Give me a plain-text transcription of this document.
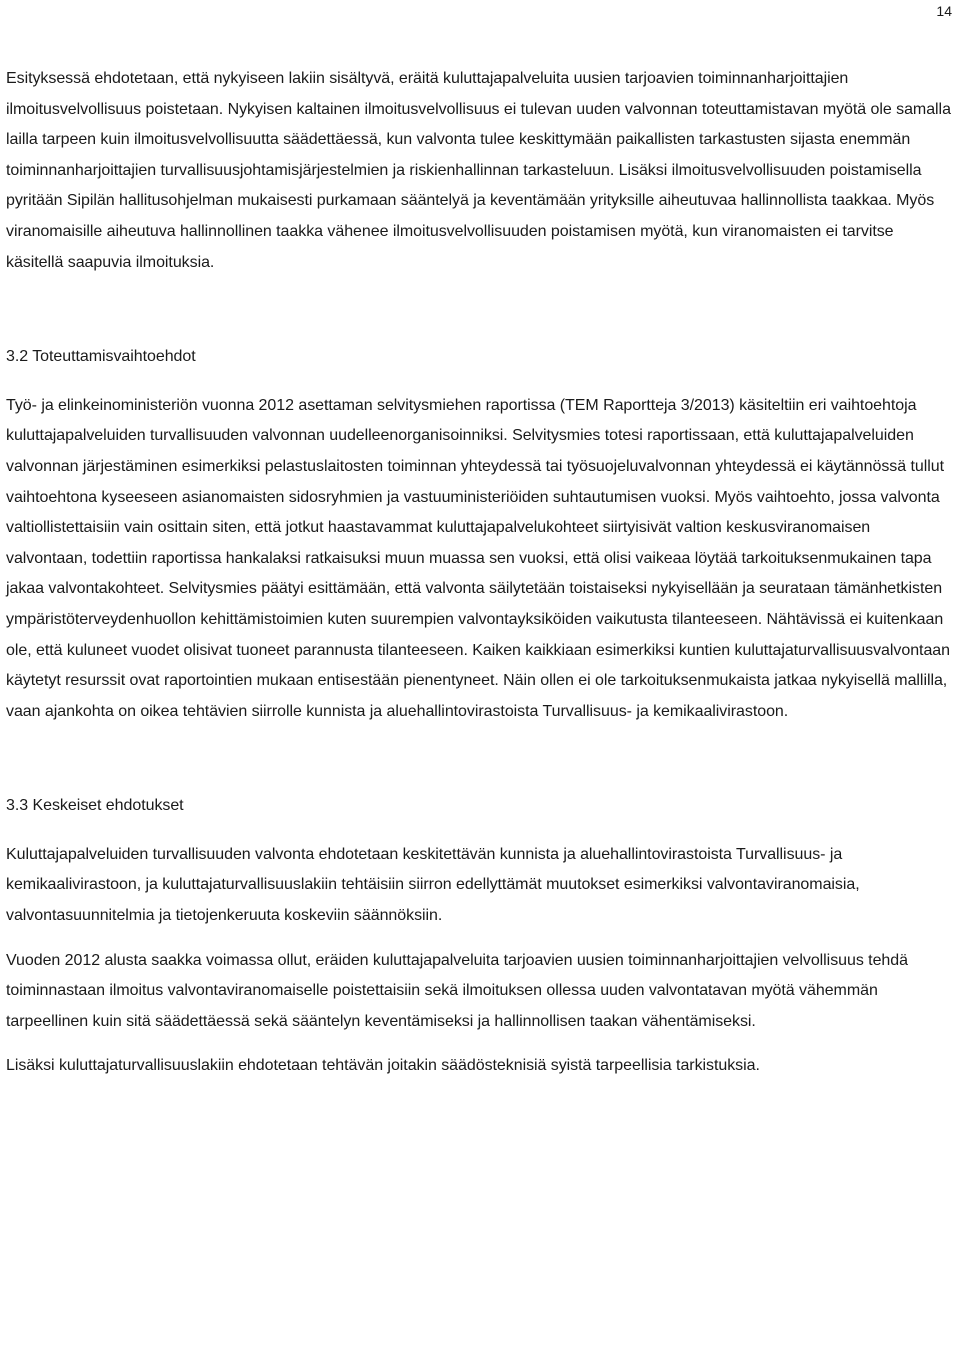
14

Esityksessä ehdotetaan, että nykyiseen lakiin sisältyvä, eräitä kuluttajapalveluita uusien tarjoavien toiminnanharjoittajien ilmoitusvelvollisuus poistetaan. Nykyisen kaltainen ilmoitusvelvollisuus ei tulevan uuden valvonnan toteuttamistavan myötä ole samalla lailla tarpeen kuin ilmoitusvelvollisuutta säädettäessä, kun valvonta tulee keskittymään paikallisten tarkastusten sijasta enemmän toiminnanharjoittajien turvallisuusjohtamisjärjestelmien ja riskienhallinnan tarkasteluun. Lisäksi ilmoitusvelvollisuuden poistamisella pyritään Sipilän hallitusohjelman mukaisesti purkamaan sääntelyä ja keventämään yrityksille aiheutuvaa hallinnollista taakkaa. Myös viranomaisille aiheutuva hallinnollinen taakka vähenee ilmoitusvelvollisuuden poistamisen myötä, kun viranomaisten ei tarvitse käsitellä saapuvia ilmoituksia.

3.2 Toteuttamisvaihtoehdot

Työ- ja elinkeinoministeriön vuonna 2012 asettaman selvitysmiehen raportissa (TEM Raportteja 3/2013) käsiteltiin eri vaihtoehtoja kuluttajapalveluiden turvallisuuden valvonnan uudelleenorganisoinniksi. Selvitysmies totesi raportissaan, että kuluttajapalveluiden valvonnan järjestäminen esimerkiksi pelastuslaitosten toiminnan yhteydessä tai työsuojeluvalvonnan yhteydessä ei käytännössä tullut vaihtoehtona kyseeseen asianomaisten sidosryhmien ja vastuuministeriöiden suhtautumisen vuoksi. Myös vaihtoehto, jossa valvonta valtiollistettaisiin vain osittain siten, että jotkut haastavammat kuluttajapalvelukohteet siirtyisivät valtion keskusviranomaisen valvontaan, todettiin raportissa hankalaksi ratkaisuksi muun muassa sen vuoksi, että olisi vaikeaa löytää tarkoituksenmukainen tapa jakaa valvontakohteet. Selvitysmies päätyi esittämään, että valvonta säilytetään toistaiseksi nykyisellään ja seurataan tämänhetkisten ympäristöterveydenhuollon kehittämistoimien kuten suurempien valvontayksiköiden vaikutusta tilanteeseen. Nähtävissä ei kuitenkaan ole, että kuluneet vuodet olisivat tuoneet parannusta tilanteeseen. Kaiken kaikkiaan esimerkiksi kuntien kuluttajaturvallisuusvalvontaan käytetyt resurssit ovat raportointien mukaan entisestään pienentyneet. Näin ollen ei ole tarkoituksenmukaista jatkaa nykyisellä mallilla, vaan ajankohta on oikea tehtävien siirrolle kunnista ja aluehallintovirastoista Turvallisuus- ja kemikaalivirastoon.

3.3 Keskeiset ehdotukset

Kuluttajapalveluiden turvallisuuden valvonta ehdotetaan keskitettävän kunnista ja aluehallintovirastoista Turvallisuus- ja kemikaalivirastoon, ja kuluttajaturvallisuuslakiin tehtäisiin siirron edellyttämät muutokset esimerkiksi valvontaviranomaisia, valvontasuunnitelmia ja tietojenkeruuta koskeviin säännöksiin.

Vuoden 2012 alusta saakka voimassa ollut, eräiden kuluttajapalveluita tarjoavien uusien toiminnanharjoittajien velvollisuus tehdä toiminnastaan ilmoitus valvontaviranomaiselle poistettaisiin sekä ilmoituksen ollessa uuden valvontatavan myötä vähemmän tarpeellinen kuin sitä säädettäessä sekä sääntelyn keventämiseksi ja hallinnollisen taakan vähentämiseksi.

Lisäksi kuluttajaturvallisuuslakiin ehdotetaan tehtävän joitakin säädösteknisiä syistä tarpeellisia tarkistuksia.
